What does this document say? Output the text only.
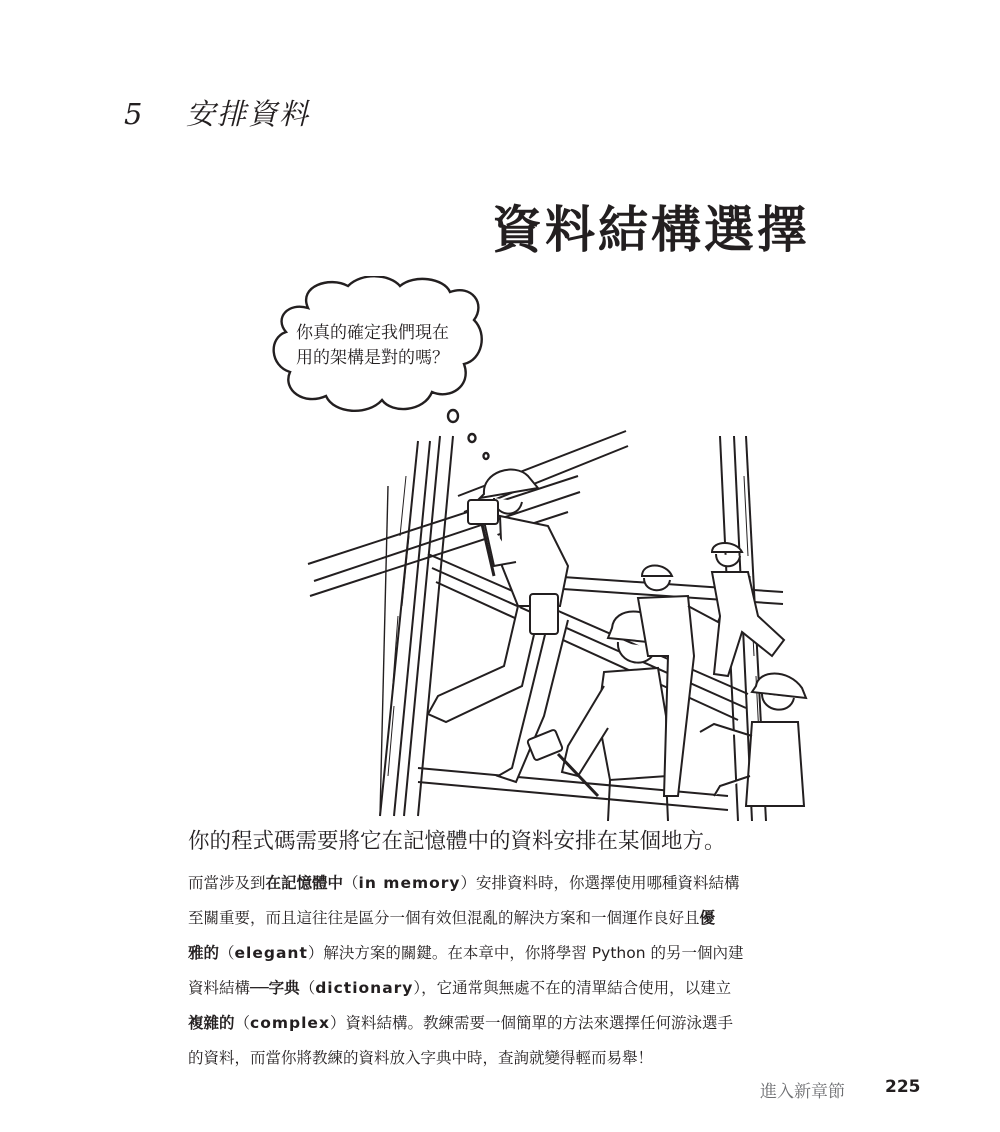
5 安排資料
資料結構選擇
你真的確定我們現在
用的架構是對的嗎？
你的程式碼需要將它在記憶體中的資料安排在某個地方。
而當涉及到在記憶體中（in memory）安排資料時，你選擇使用哪種資料結構
至關重要，而且這往往是區分一個有效但混亂的解決方案和一個運作良好且優
雅的（elegant）解決方案的關鍵。在本章中，你將學習 Python 的另一個內建
資料結構──字典（dictionary），它通常與無處不在的清單結合使用，以建立
複雜的（complex）資料結構。教練需要一個簡單的方法來選擇任何游泳選手
的資料，而當你將教練的資料放入字典中時，查詢就變得輕而易舉！
進入新章節 225
